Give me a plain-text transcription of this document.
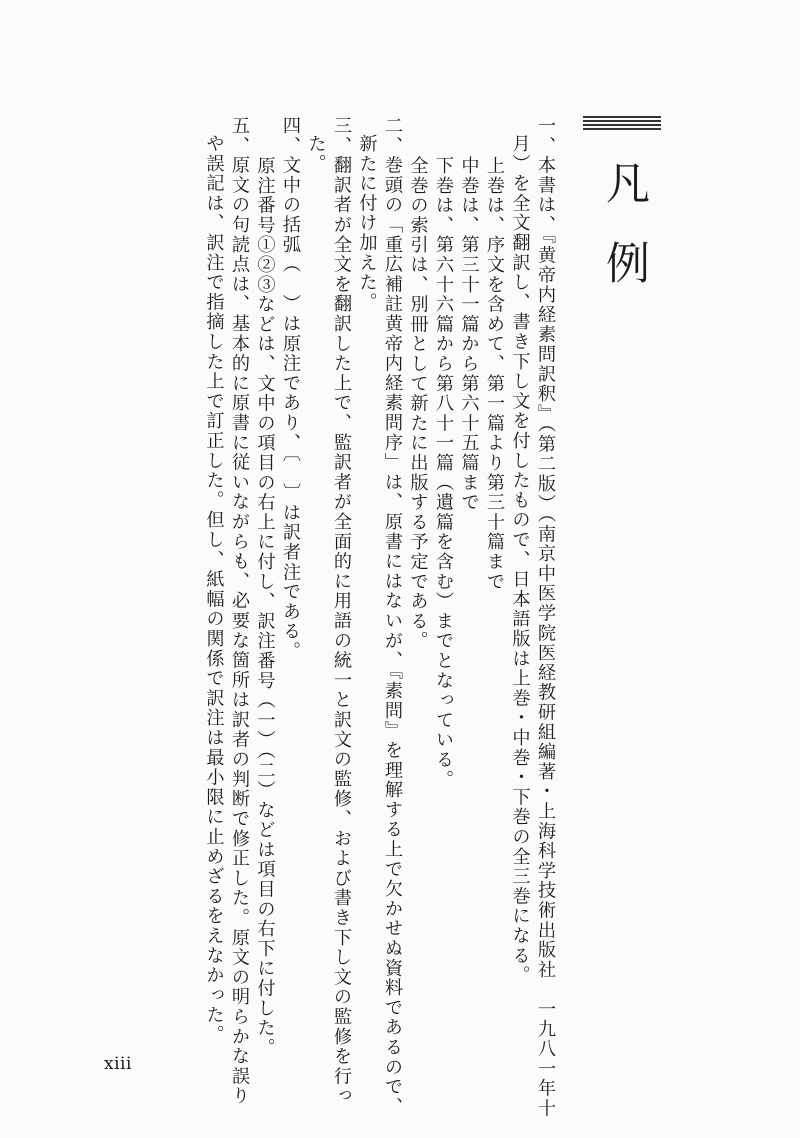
凡例
一、本書は、『黄帝内経素問訳釈』（第二版）（南京中医学院医経教研組編著・上海科学技術出版社　一九八一年十
月）を全文翻訳し、書き下し文を付したもので、日本語版は上巻・中巻・下巻の全三巻になる。
上巻は、序文を含めて、第一篇より第三十篇まで
中巻は、第三十一篇から第六十五篇まで
下巻は、第六十六篇から第八十一篇（遺篇を含む）までとなっている。
全巻の索引は、別冊として新たに出版する予定である。
二、巻頭の「重広補註黄帝内経素問序」は、原書にはないが、『素問』を理解する上で欠かせぬ資料であるので、
新たに付け加えた。
三、翻訳者が全文を翻訳した上で、監訳者が全面的に用語の統一と訳文の監修、および書き下し文の監修を行っ
た。
四、文中の括弧（　）は原注であり、〔　〕は訳者注である。
原注番号①②③などは、文中の項目の右上に付し、訳注番号（一）（二）などは項目の右下に付した。
五、原文の句読点は、基本的に原書に従いながらも、必要な箇所は訳者の判断で修正した。原文の明らかな誤り
や誤記は、訳注で指摘した上で訂正した。但し、紙幅の関係で訳注は最小限に止めざるをえなかった。
xiii
